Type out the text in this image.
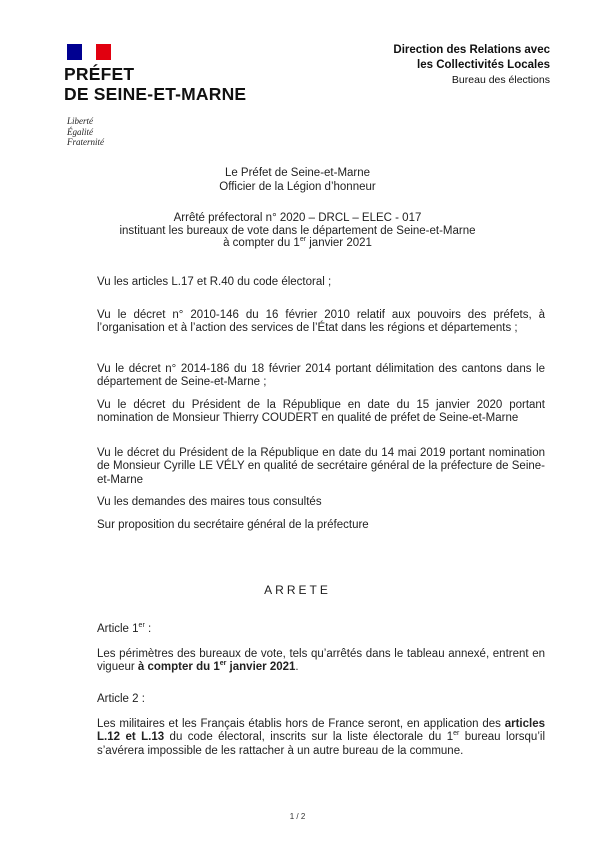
PRÉFET
DE SEINE-ET-MARNE
Liberté
Égalité
Fraternité
Direction des Relations avec
les Collectivités Locales
Bureau des élections
Le Préfet de Seine-et-Marne
Officier de la Légion d’honneur
Arrêté préfectoral n° 2020 – DRCL – ELEC - 017
instituant les bureaux de vote dans le département de Seine-et-Marne
à compter du 1er janvier 2021
Vu les articles L.17 et R.40 du code électoral ;
Vu le décret n° 2010-146 du 16 février 2010 relatif aux pouvoirs des préfets, à l’organisation et à l’action des services de l’État dans les régions et départements ;
Vu le décret n° 2014-186 du 18 février 2014 portant délimitation des cantons dans le département de Seine-et-Marne ;
Vu le décret du Président de la République en date du 15 janvier 2020 portant nomination de Monsieur Thierry COUDERT en qualité de préfet de Seine-et-Marne
Vu le décret du Président de la République en date du 14 mai 2019 portant nomination de Monsieur Cyrille LE VÉLY en qualité de secrétaire général de la préfecture de Seine-et-Marne
Vu les demandes des maires tous consultés
Sur proposition du secrétaire général de la préfecture
ARRETE
Article 1er :
Les périmètres des bureaux de vote, tels qu’arrêtés dans le tableau annexé, entrent en vigueur à compter du 1er janvier 2021.
Article 2 :
Les militaires et les Français établis hors de France seront, en application des articles L.12 et L.13 du code électoral, inscrits sur la liste électorale du 1er bureau lorsqu’il s’avérera impossible de les rattacher à un autre bureau de la commune.
1 / 2
